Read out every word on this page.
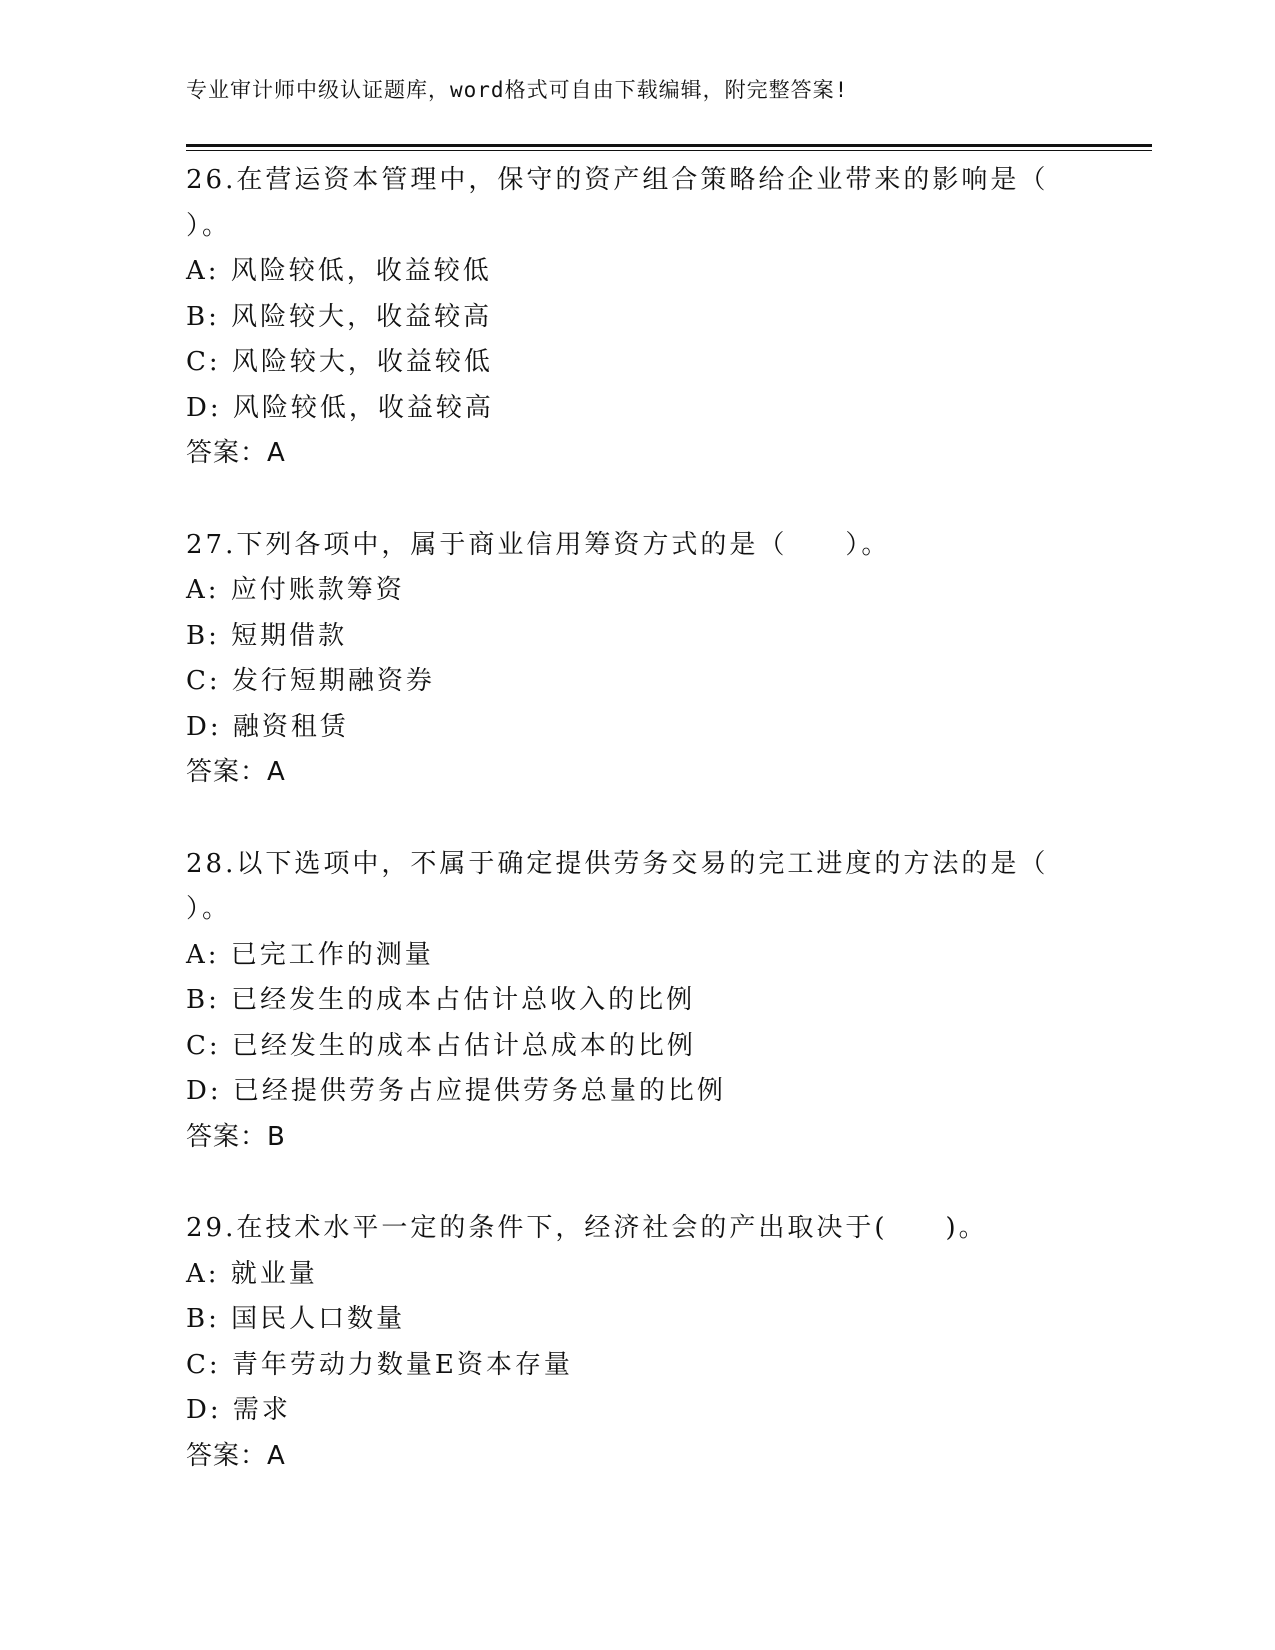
专业审计师中级认证题库，word格式可自由下载编辑，附完整答案!
26.在营运资本管理中，保守的资产组合策略给企业带来的影响是（
）。
A: 风险较低，收益较低
B: 风险较大，收益较高
C: 风险较大，收益较低
D: 风险较低，收益较高
答案：A
27.下列各项中，属于商业信用筹资方式的是（　　）。
A: 应付账款筹资
B: 短期借款
C: 发行短期融资券
D: 融资租赁
答案：A
28.以下选项中，不属于确定提供劳务交易的完工进度的方法的是（
）。
A: 已完工作的测量
B: 已经发生的成本占估计总收入的比例
C: 已经发生的成本占估计总成本的比例
D: 已经提供劳务占应提供劳务总量的比例
答案：B
29.在技术水平一定的条件下，经济社会的产出取决于(　　)。
A: 就业量
B: 国民人口数量
C: 青年劳动力数量E资本存量
D: 需求
答案：A
